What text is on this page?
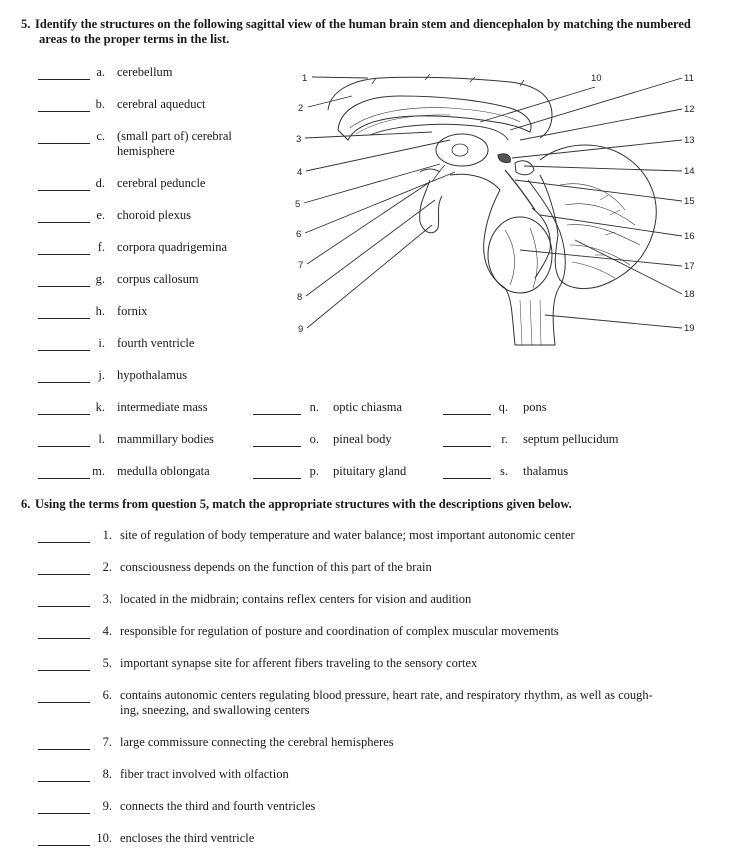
5. Identify the structures on the following sagittal view of the human brain stem and diencephalon by matching the numbered
areas to the proper terms in the list.
a. cerebellum
b. cerebral aqueduct
c. (small part of) cerebral
hemisphere
d. cerebral peduncle
e. choroid plexus
f. corpora quadrigemina
g. corpus callosum
h. fornix
i. fourth ventricle
j. hypothalamus
k. intermediate mass
l. mammillary bodies
m. medulla oblongata
n. optic chiasma
o. pineal body
p. pituitary gland
q. pons
r. septum pellucidum
s. thalamus
1
2
3
4
5
6
7
8
9
10	11
12
13
14
15
16
17
18
19
6. Using the terms from question 5, match the appropriate structures with the descriptions given below.
1. site of regulation of body temperature and water balance; most important autonomic center
2. consciousness depends on the function of this part of the brain
3. located in the midbrain; contains reflex centers for vision and audition
4. responsible for regulation of posture and coordination of complex muscular movements
5. important synapse site for afferent fibers traveling to the sensory cortex
6. contains autonomic centers regulating blood pressure, heart rate, and respiratory rhythm, as well as cough-
ing, sneezing, and swallowing centers
7. large commissure connecting the cerebral hemispheres
8. fiber tract involved with olfaction
9. connects the third and fourth ventricles
10. encloses the third ventricle
